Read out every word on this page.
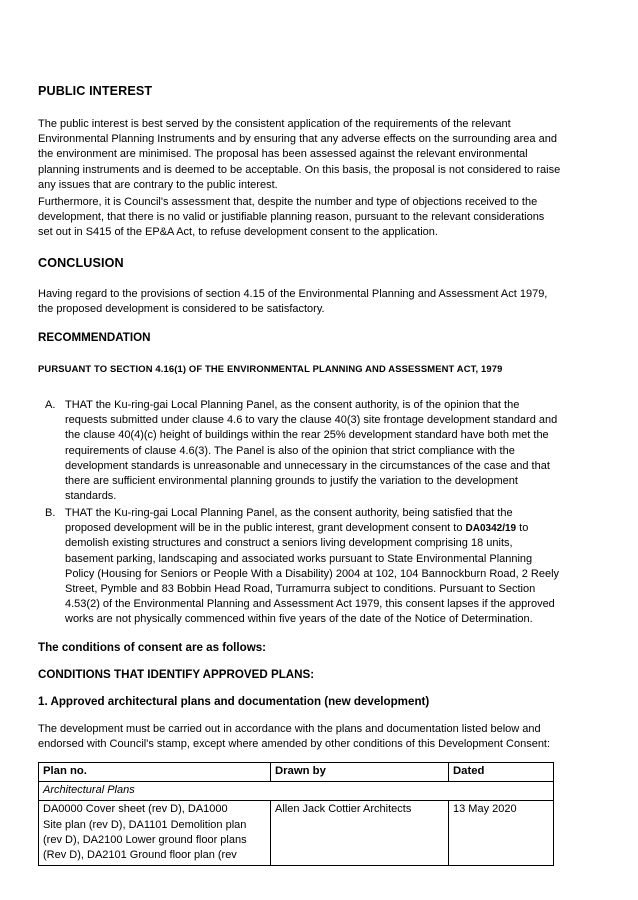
PUBLIC INTEREST
The public interest is best served by the consistent application of the requirements of the relevant
Environmental Planning Instruments and by ensuring that any adverse effects on the surrounding area and
the environment are minimised. The proposal has been assessed against the relevant environmental
planning instruments and is deemed to be acceptable. On this basis, the proposal is not considered to raise
any issues that are contrary to the public interest.
Furthermore, it is Council's assessment that, despite the number and type of objections received to the
development, that there is no valid or justifiable planning reason, pursuant to the relevant considerations
set out in S415 of the EP&A Act, to refuse development consent to the application.
CONCLUSION
Having regard to the provisions of section 4.15 of the Environmental Planning and Assessment Act 1979,
the proposed development is considered to be satisfactory.
RECOMMENDATION
PURSUANT TO SECTION 4.16(1) OF THE ENVIRONMENTAL PLANNING AND ASSESSMENT ACT, 1979
A. THAT the Ku-ring-gai Local Planning Panel, as the consent authority, is of the opinion that the
requests submitted under clause 4.6 to vary the clause 40(3) site frontage development standard and
the clause 40(4)(c) height of buildings within the rear 25% development standard have both met the
requirements of clause 4.6(3). The Panel is also of the opinion that strict compliance with the
development standards is unreasonable and unnecessary in the circumstances of the case and that
there are sufficient environmental planning grounds to justify the variation to the development
standards.
B. THAT the Ku-ring-gai Local Planning Panel, as the consent authority, being satisfied that the
proposed development will be in the public interest, grant development consent to DA0342/19 to
demolish existing structures and construct a seniors living development comprising 18 units,
basement parking, landscaping and associated works pursuant to State Environmental Planning
Policy (Housing for Seniors or People With a Disability) 2004 at 102, 104 Bannockburn Road, 2 Reely
Street, Pymble and 83 Bobbin Head Road, Turramurra subject to conditions. Pursuant to Section
4.53(2) of the Environmental Planning and Assessment Act 1979, this consent lapses if the approved
works are not physically commenced within five years of the date of the Notice of Determination.
The conditions of consent are as follows:
CONDITIONS THAT IDENTIFY APPROVED PLANS:
1. Approved architectural plans and documentation (new development)
The development must be carried out in accordance with the plans and documentation listed below and
endorsed with Council's stamp, except where amended by other conditions of this Development Consent:
Plan no.	Drawn by	Dated
Architectural Plans		

DA0000 Cover sheet (rev D), DA1000
Site plan (rev D), DA1101 Demolition plan
(rev D), DA2100 Lower ground floor plans
(Rev D), DA2101 Ground floor plan (rev	Allen Jack Cottier Architects	13 May 2020
